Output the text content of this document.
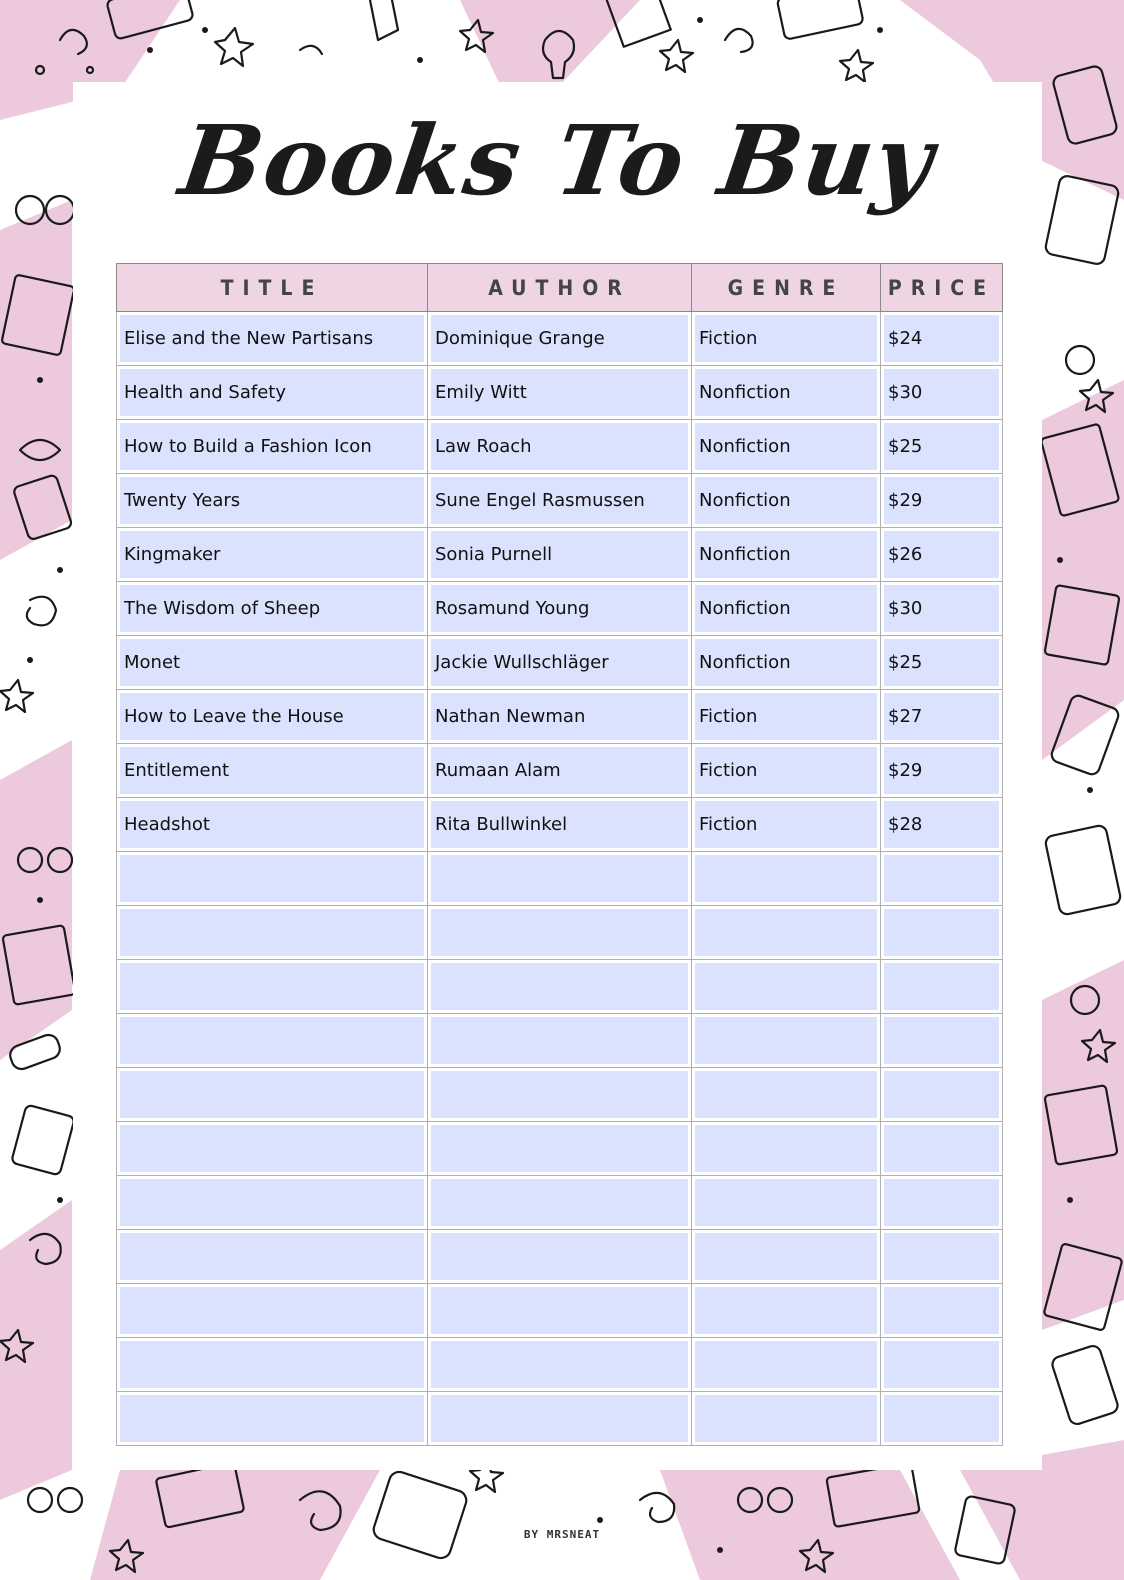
Books To Buy
TITLE	AUTHOR	GENRE	PRICE

Elise and the New Partisans	Dominique Grange	Fiction	$24

Health and Safety	Emily Witt	Nonfiction	$30

How to Build a Fashion Icon	Law Roach	Nonfiction	$25

Twenty Years	Sune Engel Rasmussen	Nonfiction	$29

Kingmaker	Sonia Purnell	Nonfiction	$26

The Wisdom of Sheep	Rosamund Young	Nonfiction	$30

Monet	Jackie Wullschläger	Nonfiction	$25

How to Leave the House	Nathan Newman	Fiction	$27

Entitlement	Rumaan Alam	Fiction	$29

Headshot	Rita Bullwinkel	Fiction	$28

BY MRSNEAT
